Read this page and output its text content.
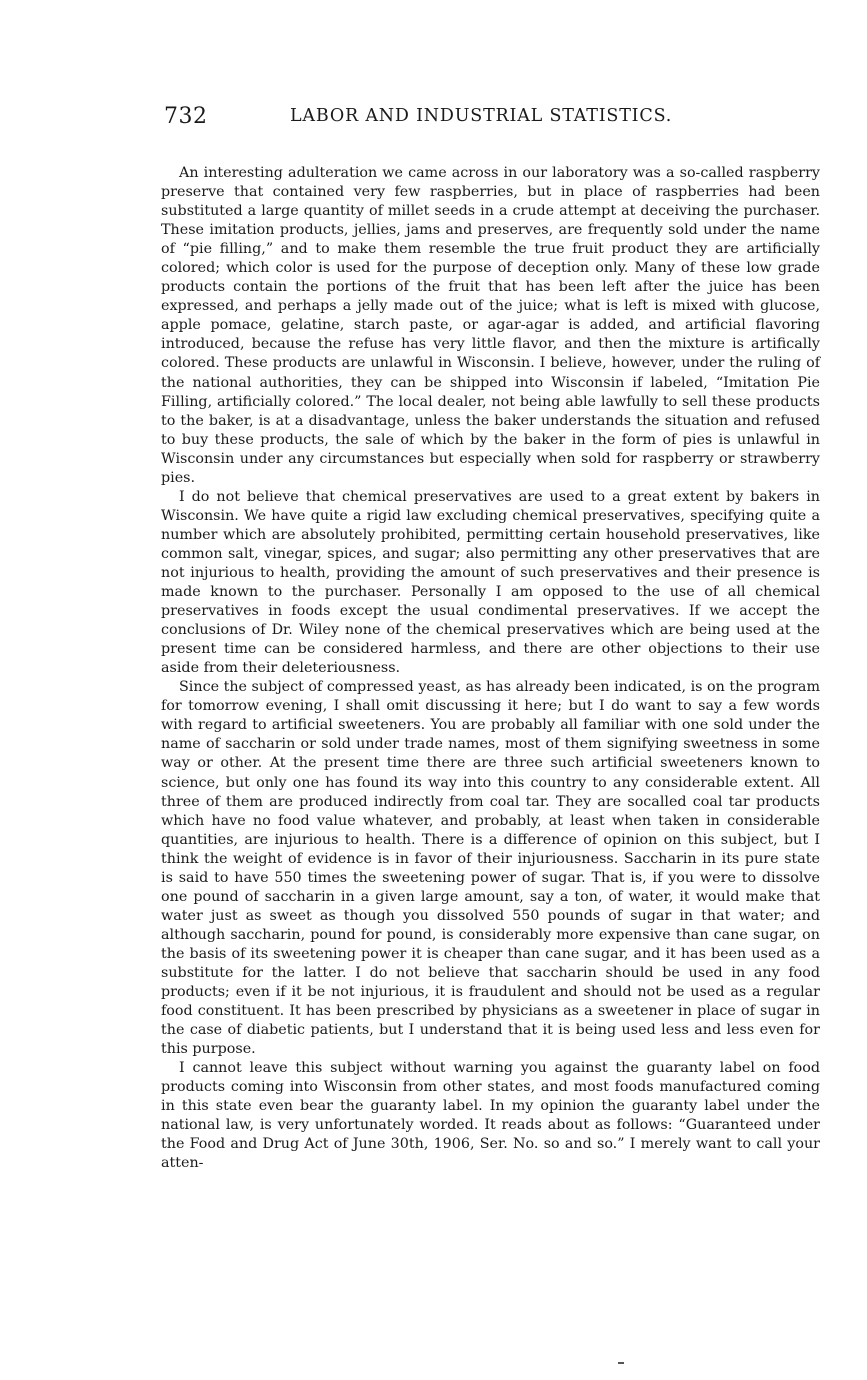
732	LABOR AND INDUSTRIAL STATISTICS.

An interesting adulteration we came across in our laboratory was a so-called raspberry preserve that contained very few raspberries, but in place of raspberries had been substituted a large quantity of millet seeds in a crude attempt at deceiving the purchaser. These imitation products, jellies, jams and preserves, are frequently sold under the name of “pie filling,” and to make them resemble the true fruit product they are artificially colored; which color is used for the purpose of deception only. Many of these low grade products contain the portions of the fruit that has been left after the juice has been expressed, and perhaps a jelly made out of the juice; what is left is mixed with glucose, apple pomace, gelatine, starch paste, or agar-agar is added, and artificial flavoring introduced, because the refuse has very little flavor, and then the mixture is artifically colored. These products are unlawful in Wisconsin. I believe, however, under the ruling of the national authorities, they can be shipped into Wisconsin if labeled, “Imitation Pie Filling, artificially colored.” The local dealer, not being able lawfully to sell these products to the baker, is at a disadvantage, unless the baker understands the situation and refused to buy these products, the sale of which by the baker in the form of pies is unlawful in Wisconsin under any circumstances but especially when sold for raspberry or strawberry pies.

I do not believe that chemical preservatives are used to a great extent by bakers in Wisconsin. We have quite a rigid law excluding chemical preservatives, specifying quite a number which are absolutely prohibited, permitting certain household preservatives, like common salt, vinegar, spices, and sugar; also permitting any other preservatives that are not injurious to health, providing the amount of such preservatives and their presence is made known to the purchaser. Personally I am opposed to the use of all chemical preservatives in foods except the usual condimental preservatives. If we accept the conclusions of Dr. Wiley none of the chemical preservatives which are being used at the present time can be considered harmless, and there are other objections to their use aside from their deleteriousness.

Since the subject of compressed yeast, as has already been indicated, is on the program for tomorrow evening, I shall omit discussing it here; but I do want to say a few words with regard to artificial sweeteners. You are probably all familiar with one sold under the name of saccharin or sold under trade names, most of them signifying sweetness in some way or other. At the present time there are three such artificial sweeteners known to science, but only one has found its way into this country to any considerable extent. All three of them are produced indirectly from coal tar. They are socalled coal tar products which have no food value whatever, and probably, at least when taken in considerable quantities, are injurious to health. There is a difference of opinion on this subject, but I think the weight of evidence is in favor of their injuriousness. Saccharin in its pure state is said to have 550 times the sweetening power of sugar. That is, if you were to dissolve one pound of saccharin in a given large amount, say a ton, of water, it would make that water just as sweet as though you dissolved 550 pounds of sugar in that water; and although saccharin, pound for pound, is considerably more expensive than cane sugar, on the basis of its sweetening power it is cheaper than cane sugar, and it has been used as a substitute for the latter. I do not believe that saccharin should be used in any food products; even if it be not injurious, it is fraudulent and should not be used as a regular food constituent. It has been prescribed by physicians as a sweetener in place of sugar in the case of diabetic patients, but I understand that it is being used less and less even for this purpose.

I cannot leave this subject without warning you against the guaranty label on food products coming into Wisconsin from other states, and most foods manufactured coming in this state even bear the guaranty label. In my opinion the guaranty label under the national law, is very unfortunately worded. It reads about as follows: “Guaranteed under the Food and Drug Act of June 30th, 1906, Ser. No. so and so.” I merely want to call your atten-
